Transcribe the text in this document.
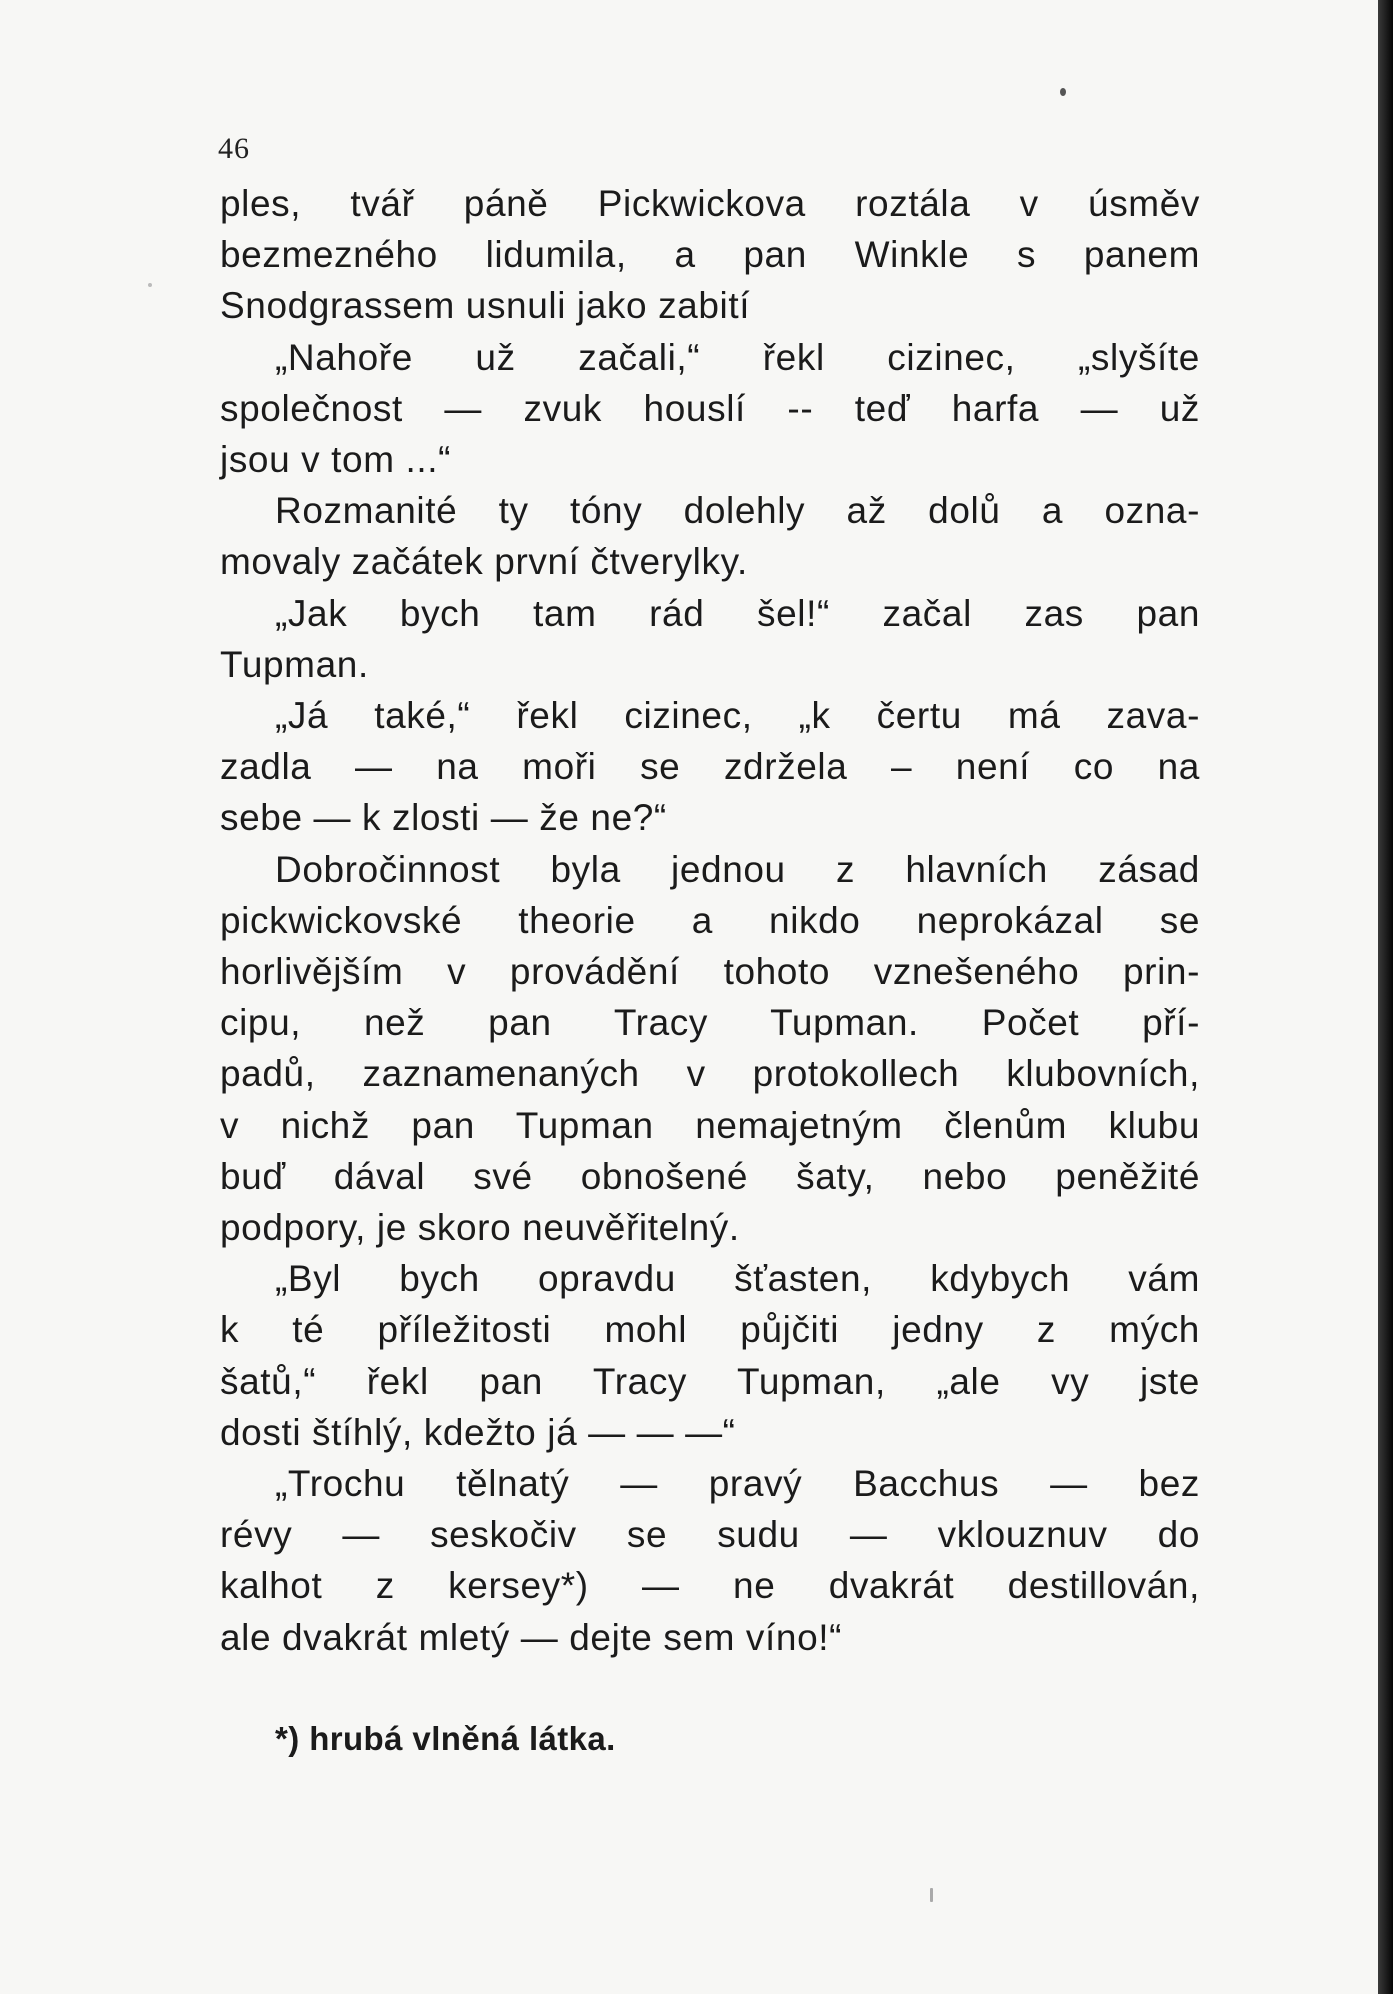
46
ples, tvář páně Pickwickova roztála v úsměv
bezmezného lidumila, a pan Winkle s panem
Snodgrassem usnuli jako zabití
„Nahoře už začali,“ řekl cizinec, „slyšíte
společnost — zvuk houslí -- teď harfa — už
jsou v tom ...“
Rozmanité ty tóny dolehly až dolů a ozna-
movaly začátek první čtverylky.
„Jak bych tam rád šel!“ začal zas pan
Tupman.
„Já také,“ řekl cizinec, „k čertu má zava-
zadla — na moři se zdržela – není co na
sebe — k zlosti — že ne?“
Dobročinnost byla jednou z hlavních zásad
pickwickovské theorie a nikdo neprokázal se
horlivějším v provádění tohoto vznešeného prin-
cipu, než pan Tracy Tupman. Počet pří-
padů, zaznamenaných v protokollech klubovních,
v nichž pan Tupman nemajetným členům klubu
buď dával své obnošené šaty, nebo peněžité
podpory, je skoro neuvěřitelný.
„Byl bych opravdu šťasten, kdybych vám
k té příležitosti mohl půjčiti jedny z mých
šatů,“ řekl pan Tracy Tupman, „ale vy jste
dosti štíhlý, kdežto já — — —“
„Trochu tělnatý — pravý Bacchus — bez
révy — seskočiv se sudu — vklouznuv do
kalhot z kersey*) — ne dvakrát destillován,
ale dvakrát mletý — dejte sem víno!“
*) hrubá vlněná látka.
